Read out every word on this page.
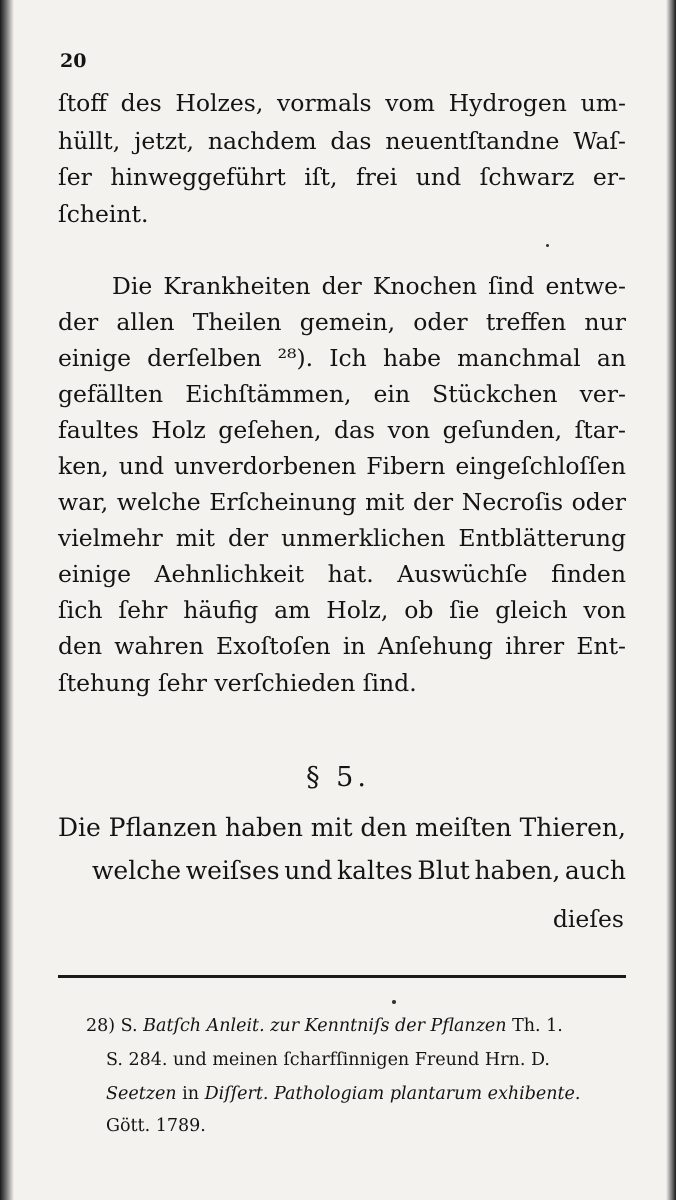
20
ſtoff des Holzes, vormals vom Hydrogen um-
hüllt, jetzt, nachdem das neuentſtandne Waſ-
ſer hinweggeführt iſt, frei und ſchwarz er-
ſcheint.
Die Krankheiten der Knochen ſind entwe-
der allen Theilen gemein, oder treffen nur
einige derſelben ²⁸). Ich habe manchmal an
gefällten Eichſtämmen, ein Stückchen ver-
faultes Holz geſehen, das von geſunden, ſtar-
ken, und unverdorbenen Fibern eingeſchloſſen
war, welche Erſcheinung mit der Necroſis oder
vielmehr mit der unmerklichen Entblätterung
einige Aehnlichkeit hat. Auswüchſe finden
ſich ſehr häufig am Holz, ob ſie gleich von
den wahren Exoſtoſen in Anſehung ihrer Ent-
ſtehung ſehr verſchieden ſind.
§ 5.
Die Pflanzen haben mit den meiſten Thieren,
welche weiſses und kaltes Blut haben, auch
dieſes
28) S. Batſch Anleit. zur Kenntniſs der Pflanzen Th. 1.
S. 284. und meinen ſcharfſinnigen Freund Hrn. D.
Seetzen in Diſſert. Pathologiam plantarum exhibente.
Gött. 1789.
